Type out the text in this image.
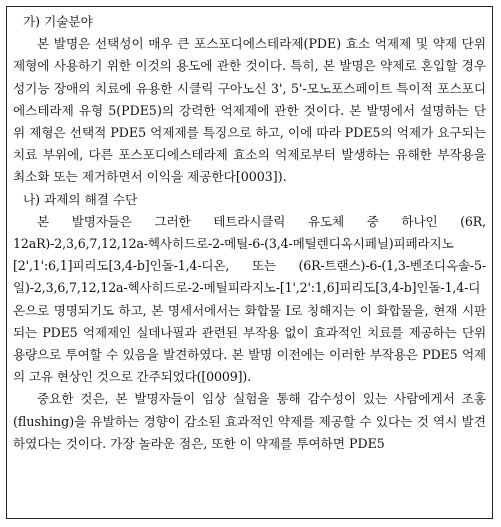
가) 기술분야

본 발명은 선택성이 매우 큰 포스포디에스테라제(PDE) 효소 억제제 및 약제 단위 제형에 사용하기 위한 이것의 용도에 관한 것이다. 특히, 본 발명은 약제로 혼입할 경우 성기능 장애의 치료에 유용한 시클릭 구아노신 3', 5'-모노포스페이트 특이적 포스포디에스테라제 유형 5(PDE5)의 강력한 억제제에 관한 것이다. 본 발명에서 설명하는 단위 제형은 선택적 PDE5 억제제를 특징으로 하고, 이에 따라 PDE5의 억제가 요구되는 치료 부위에, 다른 포스포디에스테라제 효소의 억제로부터 발생하는 유해한 부작용을 최소화 또는 제거하면서 이익을 제공한다[0003]).

나) 과제의 해결 수단

본 발명자들은 그러한 테트라시클릭 유도체 중 하나인 (6R, 12aR)-2,3,6,7,12,12a-헥사히드로-2-메틸-6-(3,4-메틸렌디옥시페닐)피페라지노[2',1':6,1]피리도[3,4-b]인돌-1,4-디온, 또는 (6R-트랜스)-6-(1,3-벤조디옥솔-5-일)-2,3,6,7,12,12a-헥사히드로-2-메틸피라지노-[1',2':1,6]피리도[3,4-b]인돌-1,4-디온으로 명명되기도 하고, 본 명세서에서는 화합물 I로 칭해지는 이 화합물을, 현재 시판되는 PDE5 억제제인 실데나필과 관련된 부작용 없이 효과적인 치료를 제공하는 단위 용량으로 투여할 수 있음을 발견하였다. 본 발명 이전에는 이러한 부작용은 PDE5 억제의 고유 현상인 것으로 간주되었다([0009]).

중요한 것은, 본 발명자들이 임상 실험을 통해 감수성이 있는 사람에게서 조홍(flushing)을 유발하는 경향이 감소된 효과적인 약제를 제공할 수 있다는 것 역시 발견하였다는 것이다. 가장 놀라운 점은, 또한 이 약제를 투여하면 PDE5
